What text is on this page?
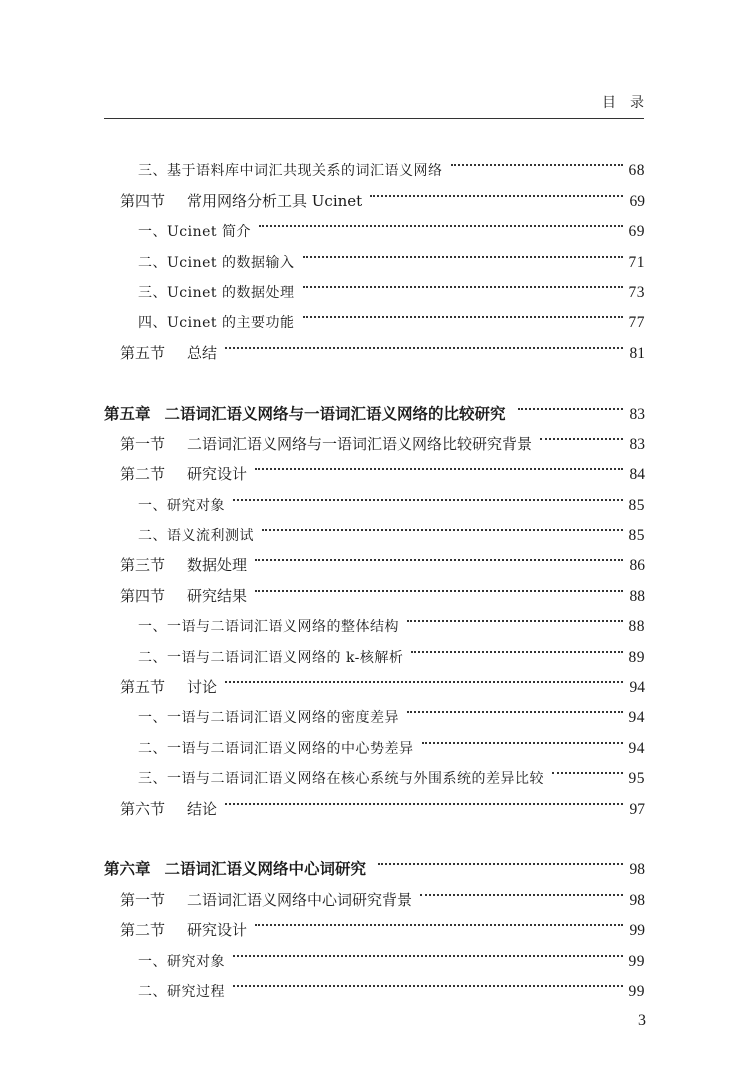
目录
三、基于语料库中词汇共现关系的词汇语义网络	68
第四节 常用网络分析工具 Ucinet	69
一、Ucinet 简介	69
二、Ucinet 的数据输入	71
三、Ucinet 的数据处理	73
四、Ucinet 的主要功能	77
第五节 总结	81
第五章 二语词汇语义网络与一语词汇语义网络的比较研究	83
第一节 二语词汇语义网络与一语词汇语义网络比较研究背景	83
第二节 研究设计	84
一、研究对象	85
二、语义流利测试	85
第三节 数据处理	86
第四节 研究结果	88
一、一语与二语词汇语义网络的整体结构	88
二、一语与二语词汇语义网络的 k-核解析	89
第五节 讨论	94
一、一语与二语词汇语义网络的密度差异	94
二、一语与二语词汇语义网络的中心势差异	94
三、一语与二语词汇语义网络在核心系统与外围系统的差异比较	95
第六节 结论	97
第六章 二语词汇语义网络中心词研究	98
第一节 二语词汇语义网络中心词研究背景	98
第二节 研究设计	99
一、研究对象	99
二、研究过程	99
3
